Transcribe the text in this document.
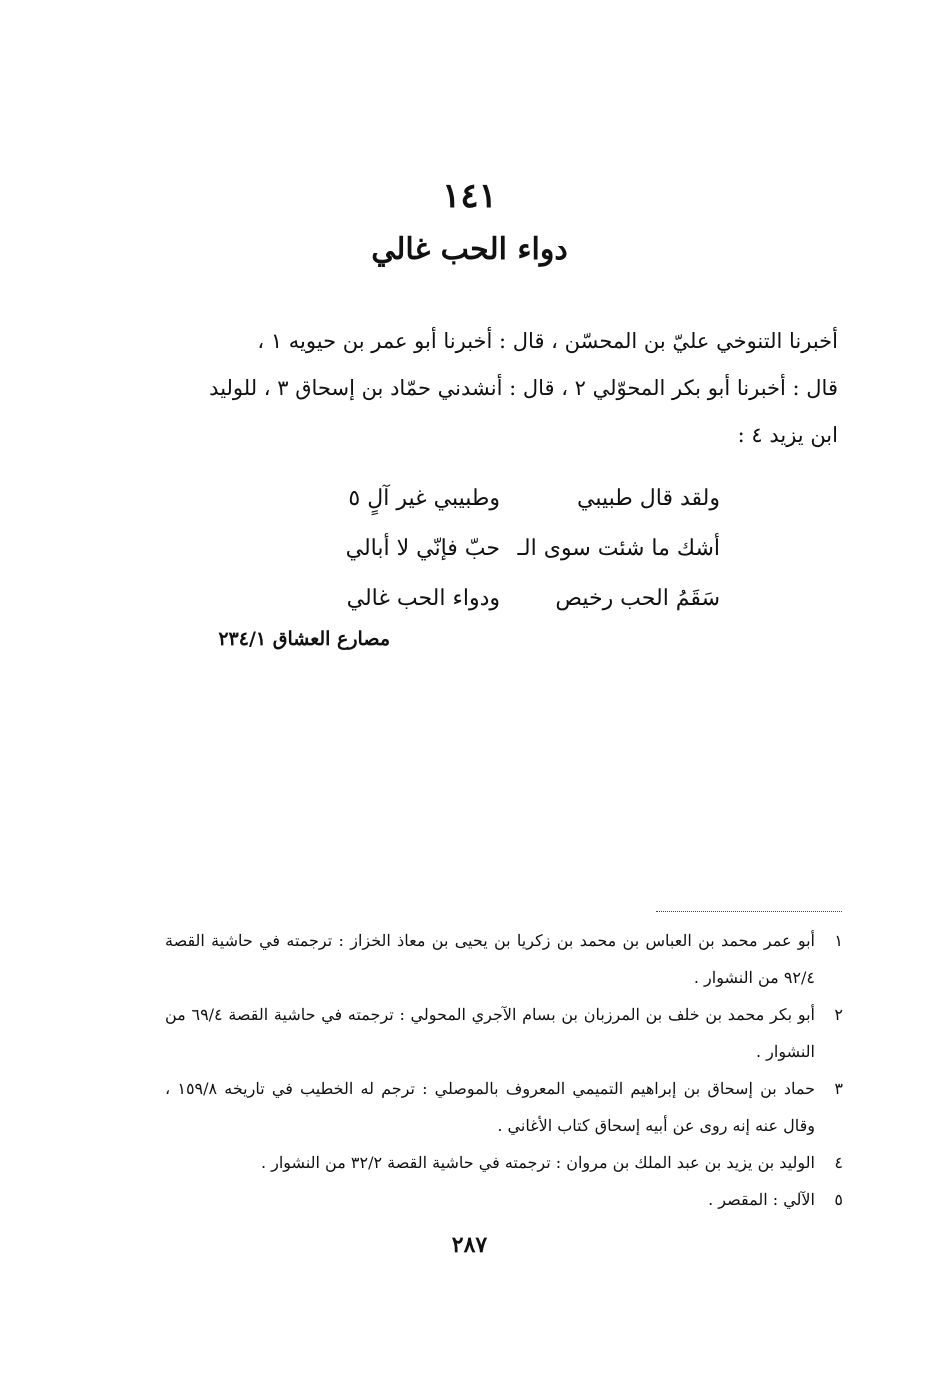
١٤١
دواء الحب غالي

أخبرنا التنوخي عليّ بن المحسّن ، قال : أخبرنا أبو عمر بن حيويه ١ ،

قال : أخبرنا أبو بكر المحوّلي ٢ ، قال : أنشدني حمّاد بن إسحاق ٣ ، للوليد

ابن يزيد ٤ :

ولقد قال طبيبي
وطبيبي غير آلٍ ٥
أشك ما شئت سوى الـ
حبّ فإنّي لا أبالي
سَقَمُ الحب رخيص
ودواء الحب غالي
مصارع العشاق ٢٣٤/١
١
أبو عمر محمد بن العباس بن محمد بن زكريا بن يحيى بن معاذ الخزاز : ترجمته في حاشية القصة ٩٢/٤ من النشوار .
٢
أبو بكر محمد بن خلف بن المرزبان بن بسام الآجري المحولي : ترجمته في حاشية القصة ٦٩/٤ من النشوار .
٣
حماد بن إسحاق بن إبراهيم التميمي المعروف بالموصلي : ترجم له الخطيب في تاريخه ١٥٩/٨ ، وقال عنه إنه روى عن أبيه إسحاق كتاب الأغاني .
٤
الوليد بن يزيد بن عبد الملك بن مروان : ترجمته في حاشية القصة ٣٢/٢ من النشوار .
٥
الآلي : المقصر .
٢٨٧
